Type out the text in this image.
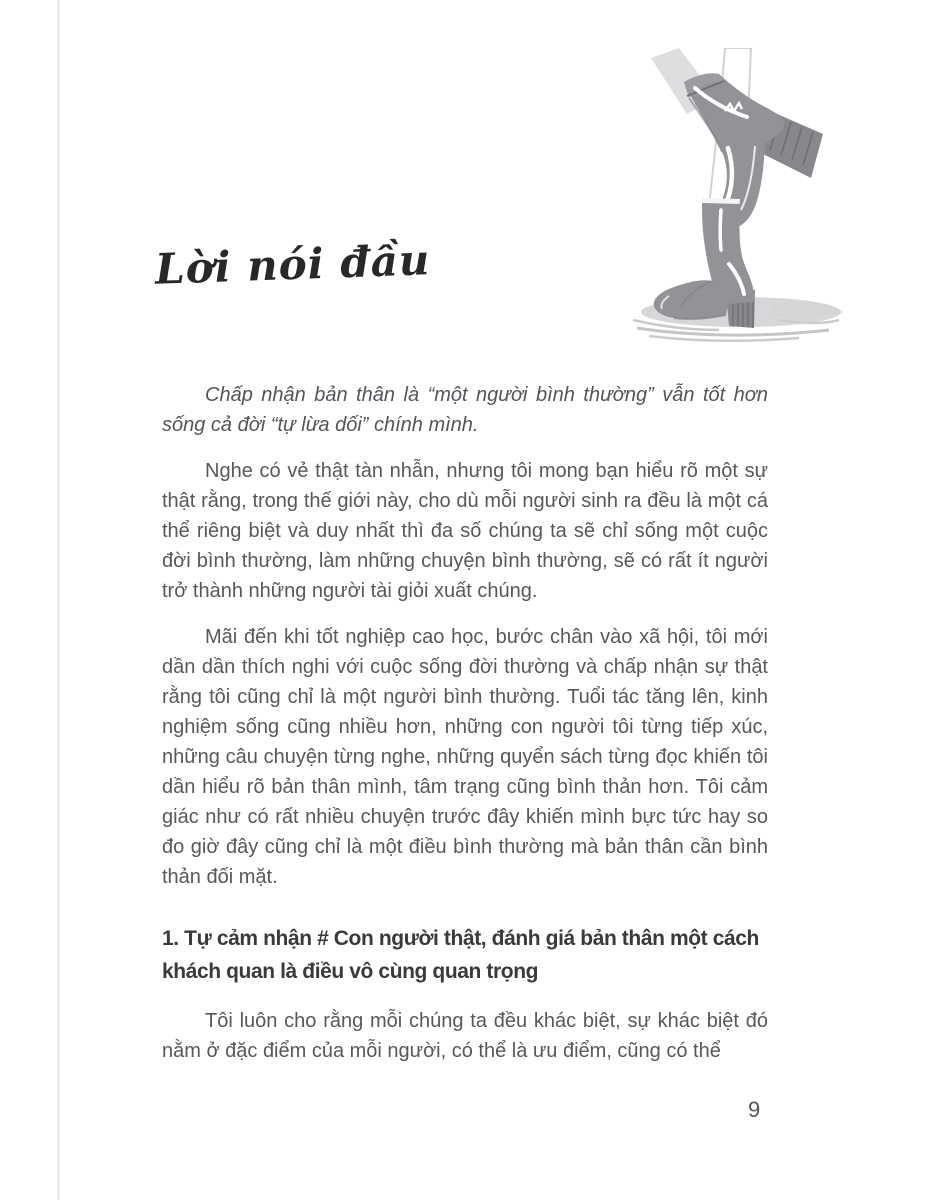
Lời nói đầu

Chấp nhận bản thân là “một người bình thường” vẫn tốt hơn sống cả đời “tự lừa dối” chính mình.

Nghe có vẻ thật tàn nhẫn, nhưng tôi mong bạn hiểu rõ một sự thật rằng, trong thế giới này, cho dù mỗi người sinh ra đều là một cá thể riêng biệt và duy nhất thì đa số chúng ta sẽ chỉ sống một cuộc đời bình thường, làm những chuyện bình thường, sẽ có rất ít người trở thành những người tài giỏi xuất chúng.

Mãi đến khi tốt nghiệp cao học, bước chân vào xã hội, tôi mới dần dần thích nghi với cuộc sống đời thường và chấp nhận sự thật rằng tôi cũng chỉ là một người bình thường. Tuổi tác tăng lên, kinh nghiệm sống cũng nhiều hơn, những con người tôi từng tiếp xúc, những câu chuyện từng nghe, những quyển sách từng đọc khiến tôi dần hiểu rõ bản thân mình, tâm trạng cũng bình thản hơn. Tôi cảm giác như có rất nhiều chuyện trước đây khiến mình bực tức hay so đo giờ đây cũng chỉ là một điều bình thường mà bản thân cần bình thản đối mặt.

1. Tự cảm nhận # Con người thật, đánh giá bản thân một cách khách quan là điều vô cùng quan trọng

Tôi luôn cho rằng mỗi chúng ta đều khác biệt, sự khác biệt đó nằm ở đặc điểm của mỗi người, có thể là ưu điểm, cũng có thể

9
